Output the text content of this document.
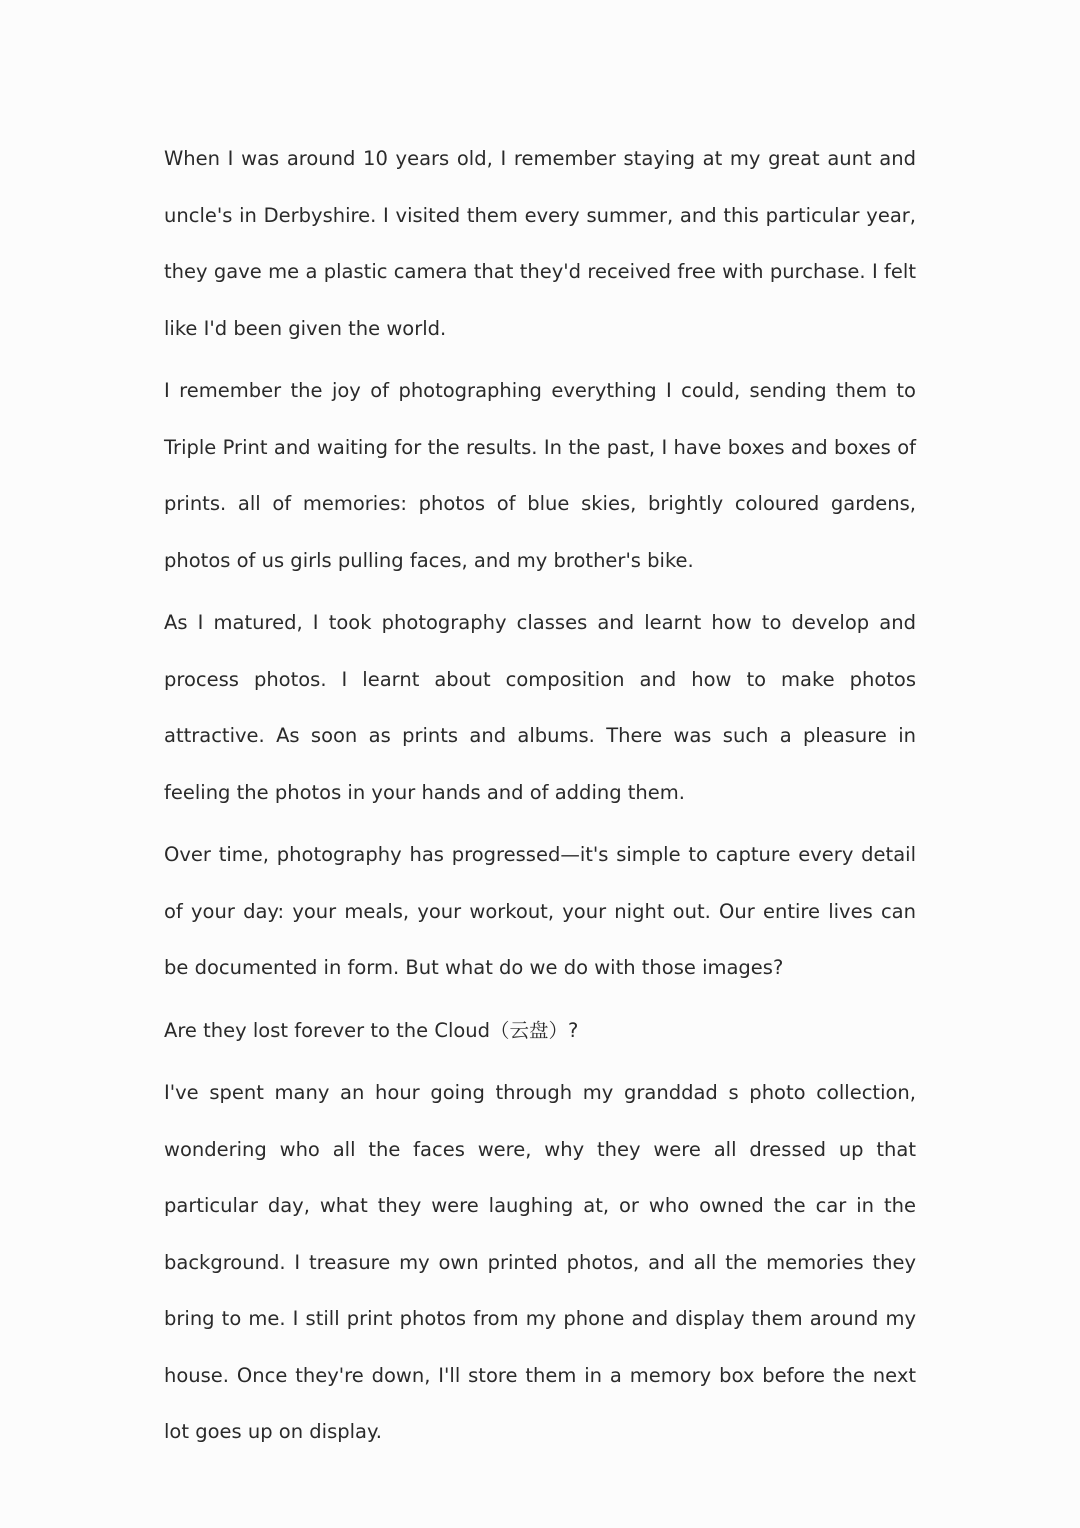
When I was around 10 years old, I remember staying at my great aunt and uncle's in Derbyshire. I visited them every summer, and this particular year, they gave me a plastic camera that they'd received free with purchase. I felt like I'd been given the world.

I remember the joy of photographing everything I could, sending them to Triple Print and waiting for the results. In the past, I have boxes and boxes of prints. all of memories: photos of blue skies, brightly coloured gardens, photos of us girls pulling faces, and my brother's bike.

As I matured, I took photography classes and learnt how to develop and process photos. I learnt about composition and how to make photos attractive. As soon as prints and albums. There was such a pleasure in feeling the photos in your hands and of adding them.

Over time, photography has progressed—it's simple to capture every detail of your day: your meals, your workout, your night out. Our entire lives can be documented in form. But what do we do with those images?

Are they lost forever to the Cloud（云盘）?

I've spent many an hour going through my granddad s photo collection, wondering who all the faces were, why they were all dressed up that particular day, what they were laughing at, or who owned the car in the background. I treasure my own printed photos, and all the memories they bring to me. I still print photos from my phone and display them around my house. Once they're down, I'll store them in a memory box before the next lot goes up on display.
